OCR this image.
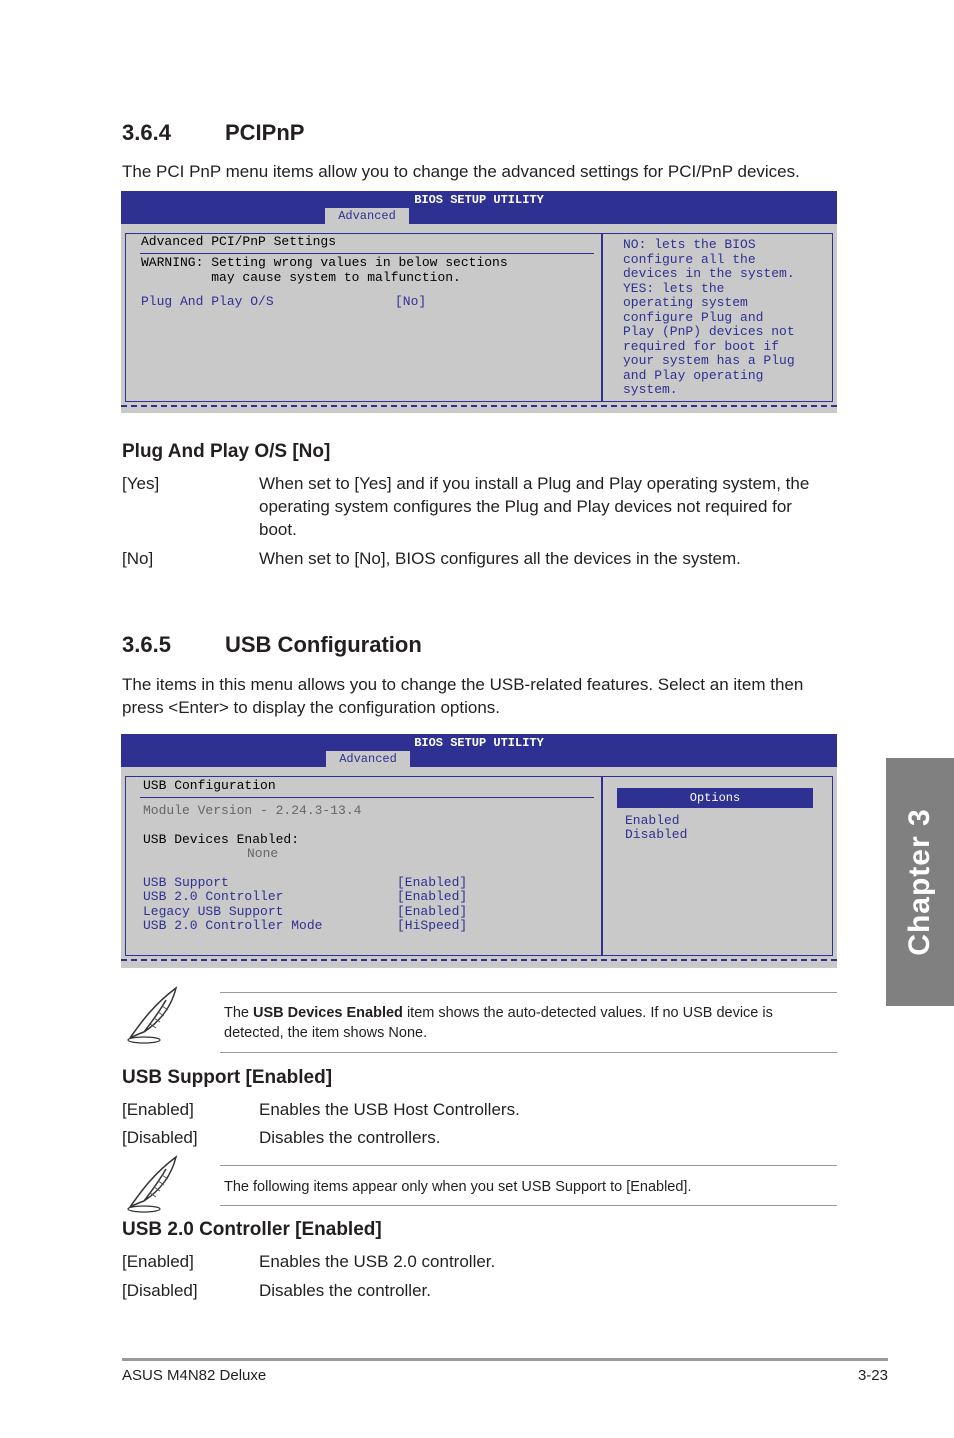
3.6.4 PCIPnP
The PCI PnP menu items allow you to change the advanced settings for PCI/PnP devices.
BIOS SETUP UTILITY
Advanced
Advanced PCI/PnP Settings
WARNING: Setting wrong values in below sections
may cause system to malfunction.
Plug And Play O/S	[No]
NO: lets the BIOS
configure all the
devices in the system.
YES: lets the
operating system
configure Plug and
Play (PnP) devices not
required for boot if
your system has a Plug
and Play operating
system.
Plug And Play O/S [No]
[Yes]	When set to [Yes] and if you install a Plug and Play operating system, the operating system configures the Plug and Play devices not required for boot.
[No]	When set to [No], BIOS configures all the devices in the system.
3.6.5 USB Configuration
The items in this menu allows you to change the USB-related features. Select an item then press <Enter> to display the configuration options.
BIOS SETUP UTILITY
Advanced
USB Configuration
Module Version - 2.24.3-13.4
USB Devices Enabled:
None
USB Support	[Enabled]
USB 2.0 Controller	[Enabled]
Legacy USB Support	[Enabled]
USB 2.0 Controller Mode	[HiSpeed]
Options
Enabled
Disabled
The USB Devices Enabled item shows the auto-detected values. If no USB device is detected, the item shows None.
USB Support [Enabled]
[Enabled]	Enables the USB Host Controllers.
[Disabled]	Disables the controllers.
The following items appear only when you set USB Support to [Enabled].
USB 2.0 Controller [Enabled]
[Enabled]	Enables the USB 2.0 controller.
[Disabled]	Disables the controller.
Chapter 3
ASUS M4N82 Deluxe	3-23
